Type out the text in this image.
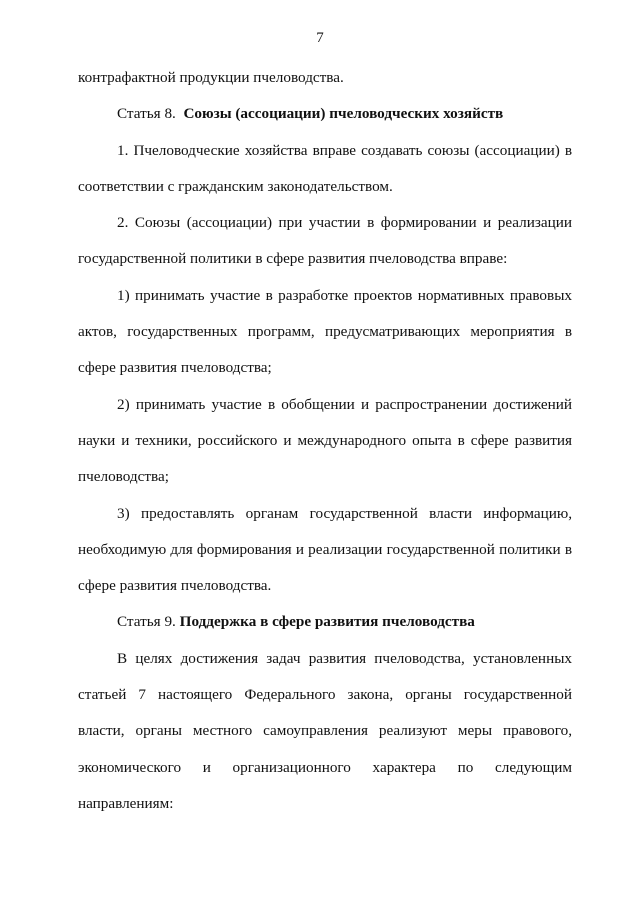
7

контрафактной продукции пчеловодства.

Статья 8. Союзы (ассоциации) пчеловодческих хозяйств

1. Пчеловодческие хозяйства вправе создавать союзы (ассоциации) в соответствии с гражданским законодательством.

2. Союзы (ассоциации) при участии в формировании и реализации государственной политики в сфере развития пчеловодства вправе:

1) принимать участие в разработке проектов нормативных правовых актов, государственных программ, предусматривающих мероприятия в сфере развития пчеловодства;

2) принимать участие в обобщении и распространении достижений науки и техники, российского и международного опыта в сфере развития пчеловодства;

3) предоставлять органам государственной власти информацию, необходимую для формирования и реализации государственной политики в сфере развития пчеловодства.

Статья 9. Поддержка в сфере развития пчеловодства

В целях достижения задач развития пчеловодства, установленных статьей 7 настоящего Федерального закона, органы государственной власти, органы местного самоуправления реализуют меры правового, экономического и организационного характера по следующим

направлениям:
